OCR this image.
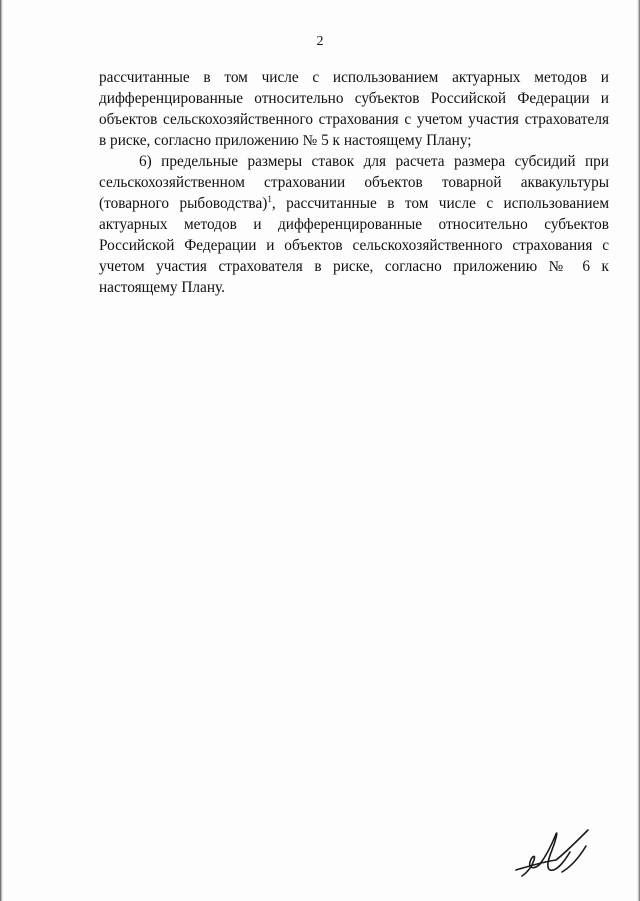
2

рассчитанные в том числе с использованием актуарных методов и дифференцированные относительно субъектов Российской Федерации и объектов сельскохозяйственного страхования с учетом участия страхователя в риске, согласно приложению № 5 к настоящему Плану;

6) предельные размеры ставок для расчета размера субсидий при сельскохозяйственном страховании объектов товарной аквакультуры (товарного рыбоводства)$^1$, рассчитанные в том числе с использованием актуарных методов и дифференцированные относительно субъектов Российской Федерации и объектов сельскохозяйственного страхования с учетом участия страхователя в риске, согласно приложению № 6 к настоящему Плану.
